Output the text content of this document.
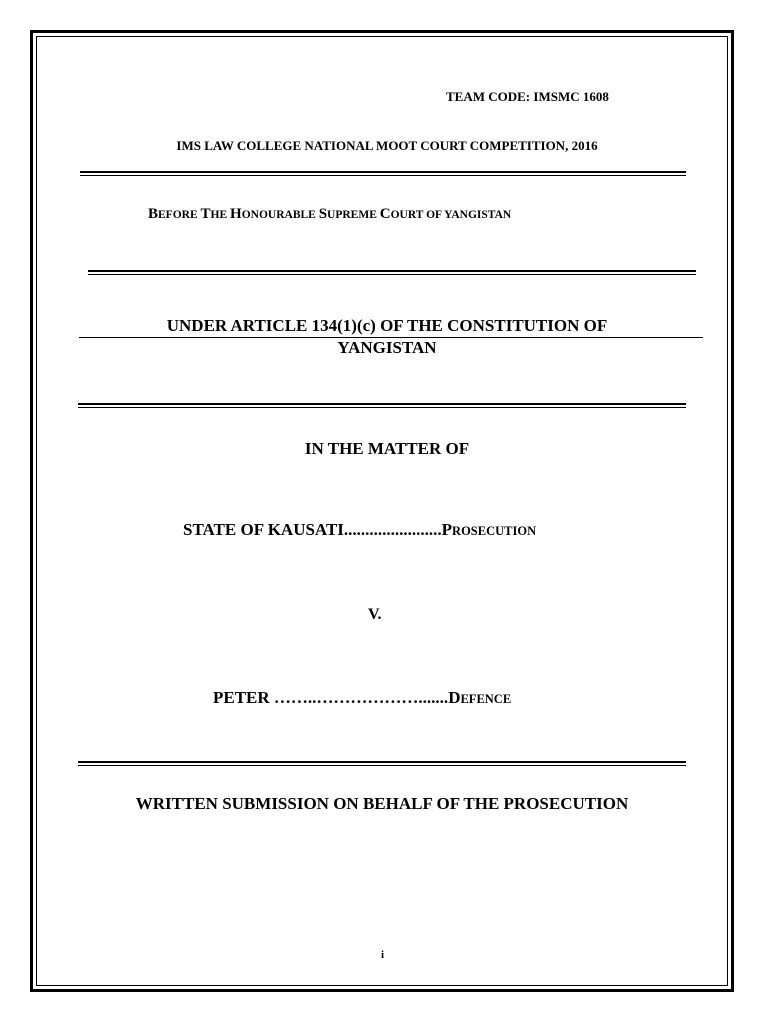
TEAM CODE: IMSMC 1608
IMS LAW COLLEGE NATIONAL MOOT COURT COMPETITION, 2016
BEFORE THE HONOURABLE SUPREME COURT OF YANGISTAN
UNDER ARTICLE 134(1)(c) OF THE CONSTITUTION OF
YANGISTAN
IN THE MATTER OF
STATE OF KAUSATI.......................PROSECUTION
V.
PETER ……..……………….......DEFENCE
WRITTEN SUBMISSION ON BEHALF OF THE PROSECUTION
i
